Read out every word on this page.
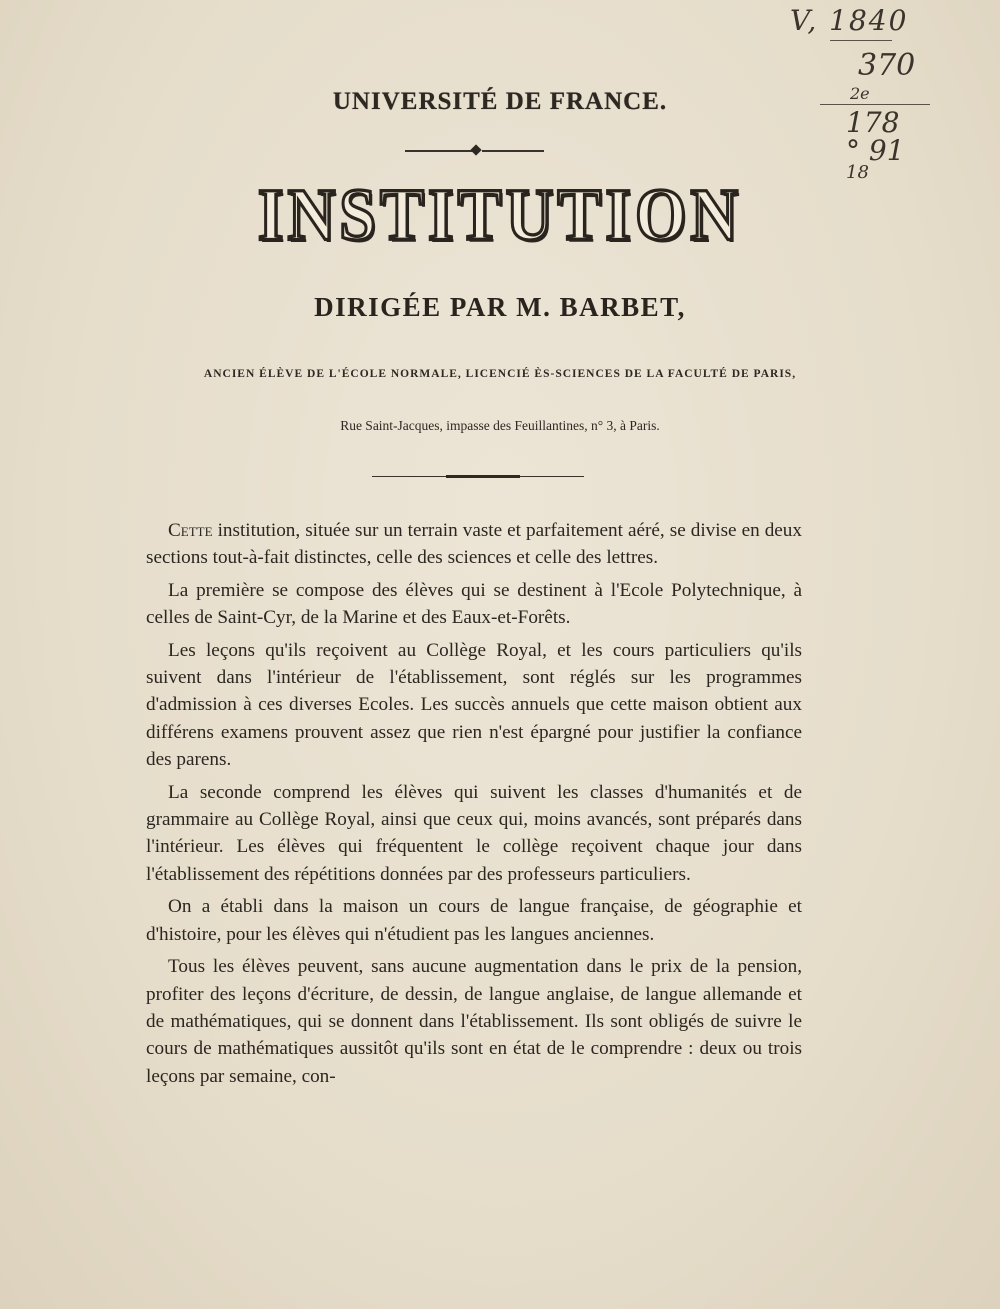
V, 1840
370
2e
178
° 91
18
UNIVERSITÉ DE FRANCE.
INSTITUTION
DIRIGÉE PAR M. BARBET,
ANCIEN ÉLÈVE DE L'ÉCOLE NORMALE, LICENCIÉ ÈS-SCIENCES DE LA FACULTÉ DE PARIS,
Rue Saint-Jacques, impasse des Feuillantines, n° 3, à Paris.

Cette institution, située sur un terrain vaste et parfaitement aéré, se divise en deux sections tout-à-fait distinctes, celle des sciences et celle des lettres.

La première se compose des élèves qui se destinent à l'Ecole Polytechnique, à celles de Saint-Cyr, de la Marine et des Eaux-et-Forêts.

Les leçons qu'ils reçoivent au Collège Royal, et les cours particuliers qu'ils suivent dans l'intérieur de l'établissement, sont réglés sur les programmes d'admission à ces diverses Ecoles. Les succès annuels que cette maison obtient aux différens examens prouvent assez que rien n'est épargné pour justifier la confiance des parens.

La seconde comprend les élèves qui suivent les classes d'humanités et de grammaire au Collège Royal, ainsi que ceux qui, moins avancés, sont préparés dans l'intérieur. Les élèves qui fréquentent le collège reçoivent chaque jour dans l'établissement des répétitions données par des professeurs particuliers.

On a établi dans la maison un cours de langue française, de géographie et d'histoire, pour les élèves qui n'étudient pas les langues anciennes.

Tous les élèves peuvent, sans aucune augmentation dans le prix de la pension, profiter des leçons d'écriture, de dessin, de langue anglaise, de langue allemande et de mathématiques, qui se donnent dans l'établissement. Ils sont obligés de suivre le cours de mathématiques aussitôt qu'ils sont en état de le comprendre : deux ou trois leçons par semaine, con-
